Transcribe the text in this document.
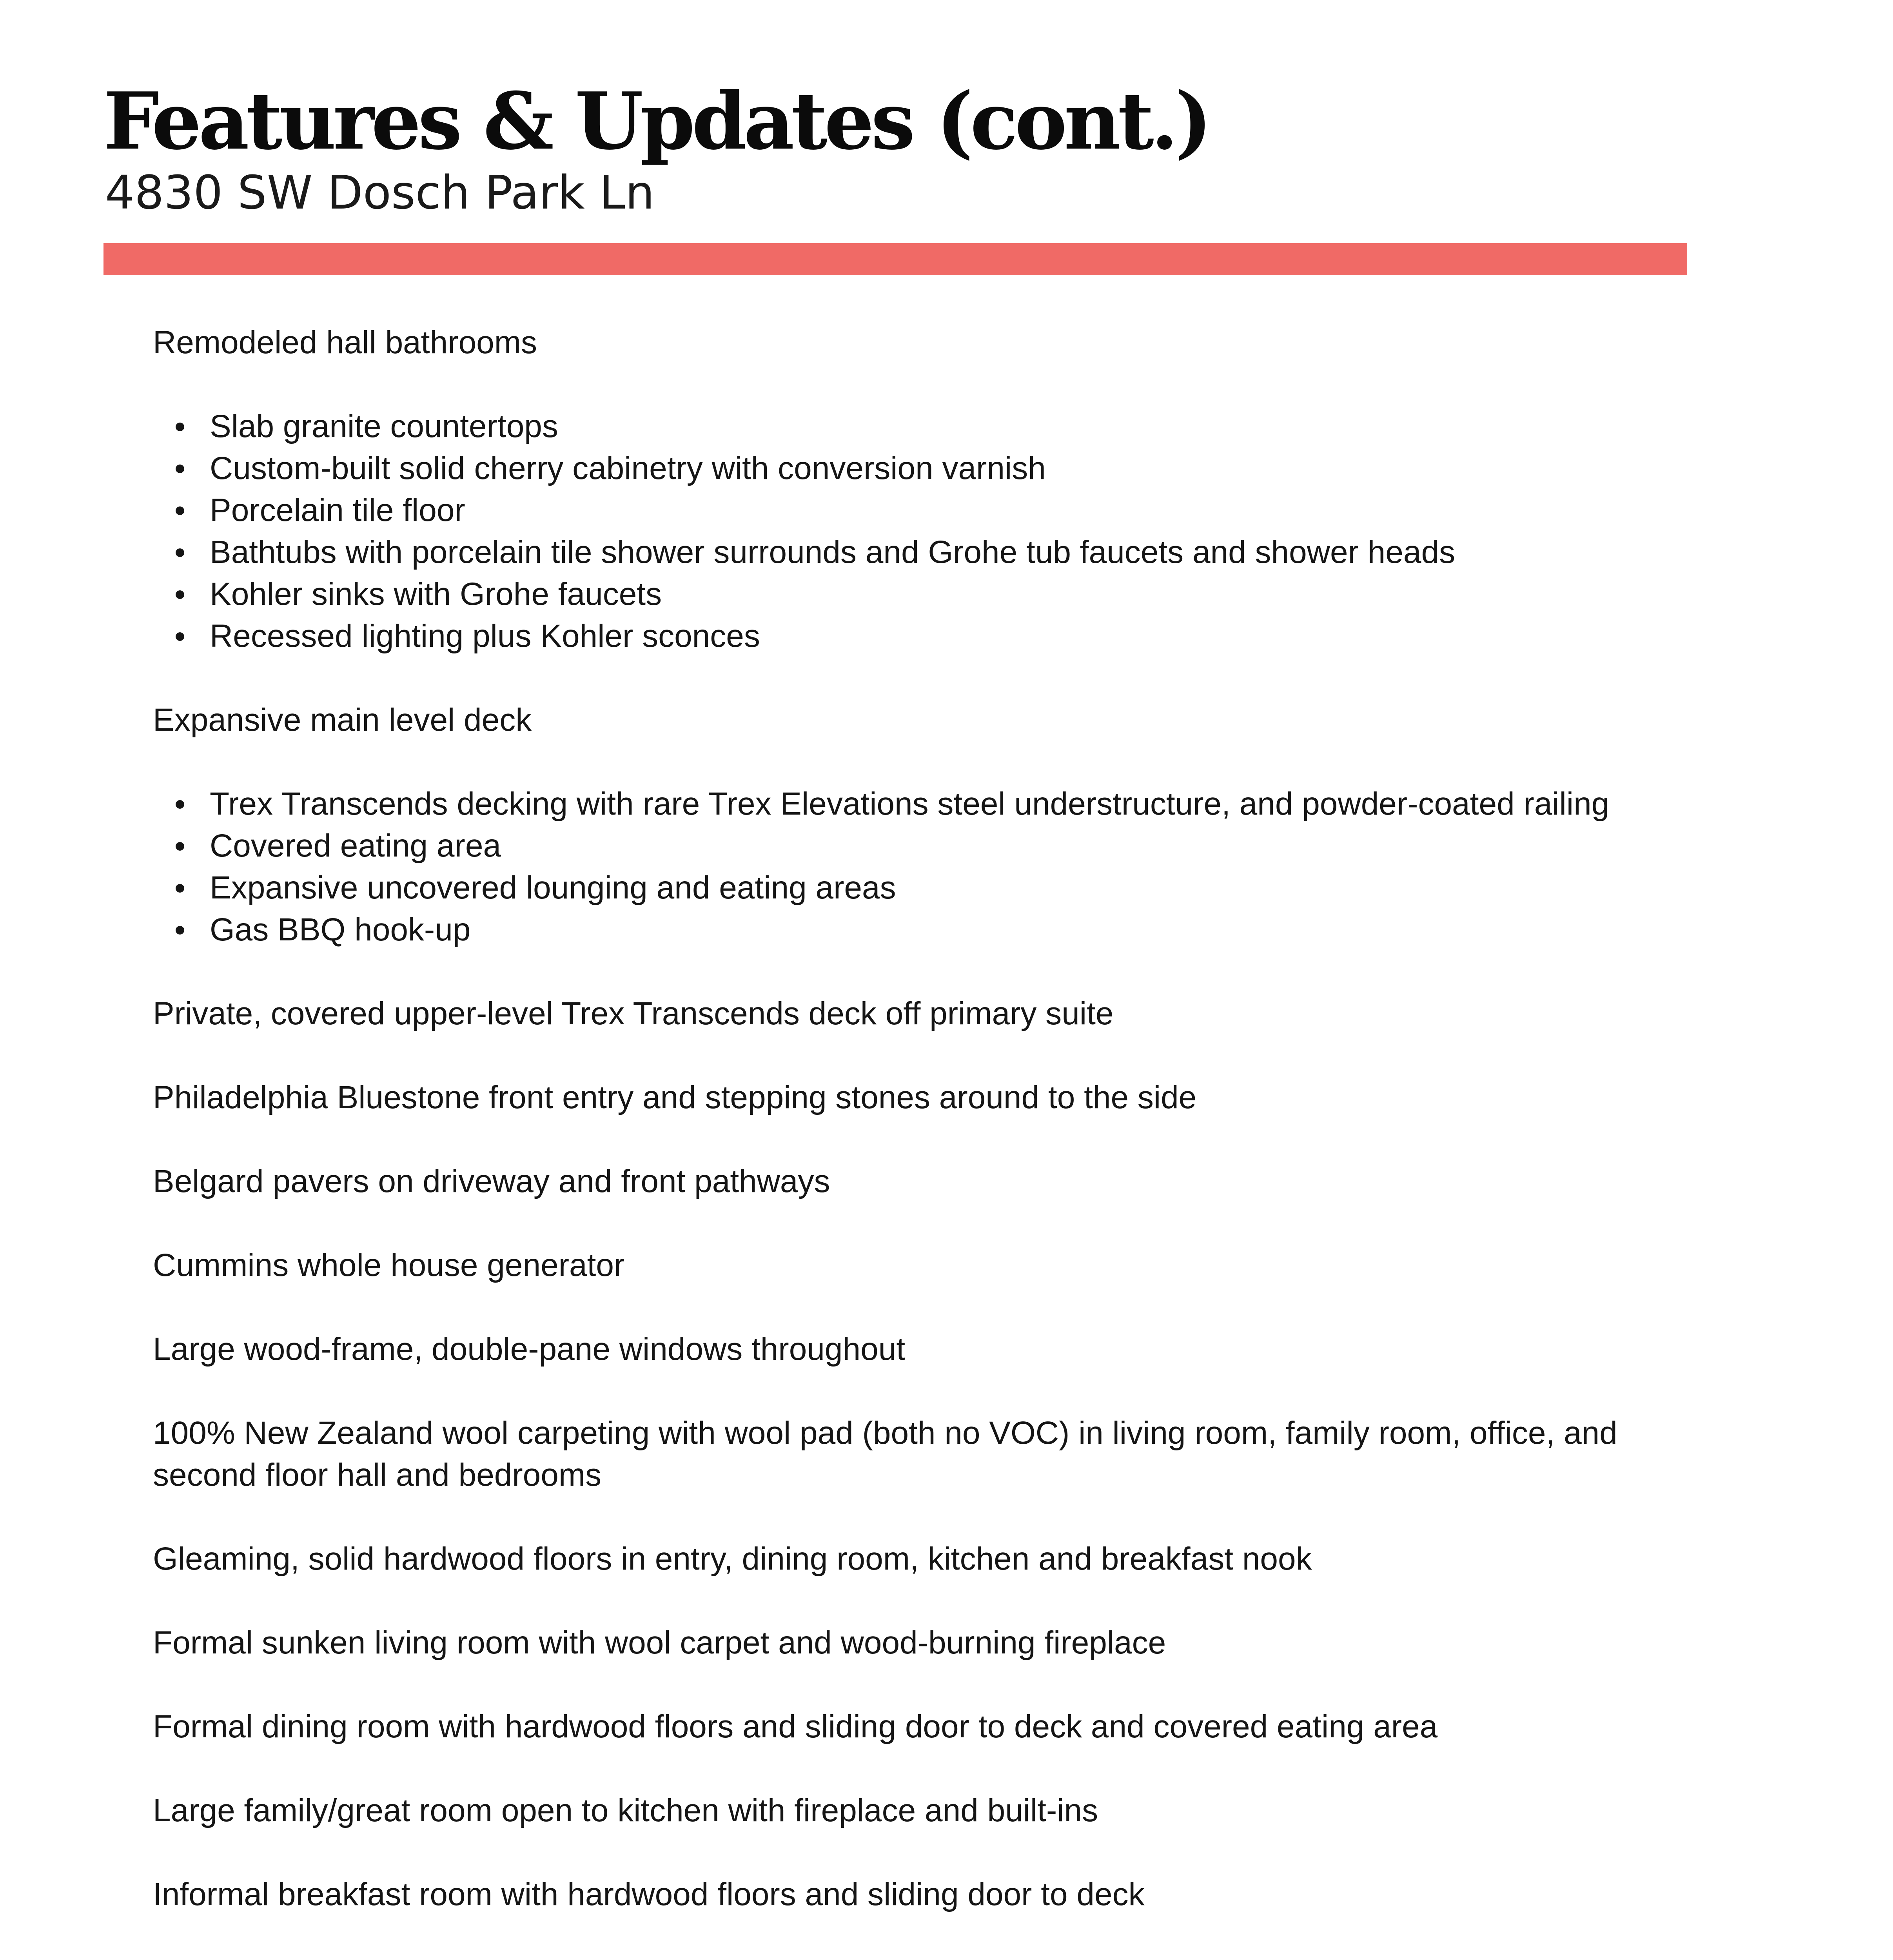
Features & Updates (cont.)
4830 SW Dosch Park Ln

Remodeled hall bathrooms

Slab granite countertops
Custom-built solid cherry cabinetry with conversion varnish
Porcelain tile floor
Bathtubs with porcelain tile shower surrounds and Grohe tub faucets and shower heads
Kohler sinks with Grohe faucets
Recessed lighting plus Kohler sconces

Expansive main level deck

Trex Transcends decking with rare Trex Elevations steel understructure, and powder-coated railing
Covered eating area
Expansive uncovered lounging and eating areas
Gas BBQ hook-up

Private, covered upper-level Trex Transcends deck off primary suite

Philadelphia Bluestone front entry and stepping stones around to the side

Belgard pavers on driveway and front pathways

Cummins whole house generator

Large wood-frame, double-pane windows throughout

100% New Zealand wool carpeting with wool pad (both no VOC) in living room, family room, office, and second floor hall and bedrooms

Gleaming, solid hardwood floors in entry, dining room, kitchen and breakfast nook

Formal sunken living room with wool carpet and wood-burning fireplace

Formal dining room with hardwood floors and sliding door to deck and covered eating area

Large family/great room open to kitchen with fireplace and built-ins

Informal breakfast room with hardwood floors and sliding door to deck
